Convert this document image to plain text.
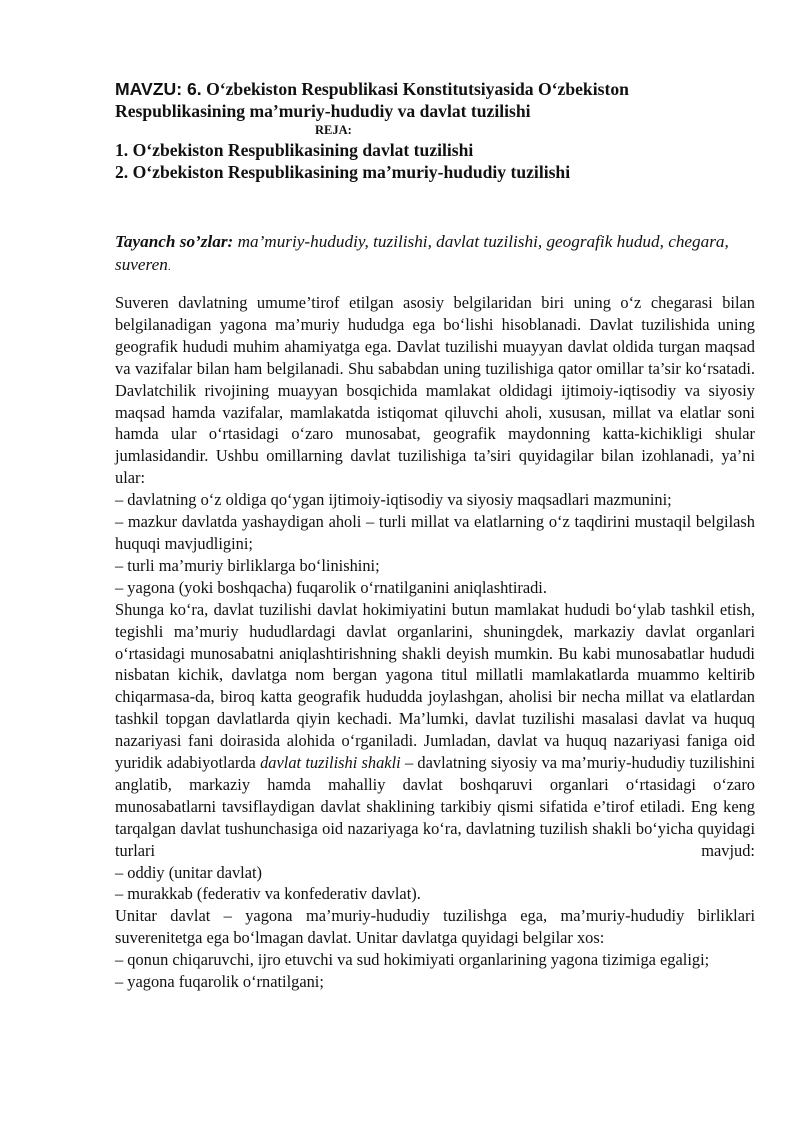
MAVZU: 6. O‘zbekiston Respublikasi Konstitutsiyasida O‘zbekiston Respublikasining ma’muriy-hududiy va davlat tuzilishi
REJA:
1. O‘zbekiston Respublikasining davlat tuzilishi
2. O‘zbekiston Respublikasining ma’muriy-hududiy tuzilishi
Tayanch so’zlar: ma’muriy-hududiy, tuzilishi, davlat tuzilishi, geografik hudud, chegara, suveren.

Suveren davlatning umume’tirof etilgan asosiy belgilaridan biri uning o‘z chegarasi bilan belgilanadigan yagona ma’muriy hududga ega bo‘lishi hisoblanadi. Davlat tuzilishida uning geografik hududi muhim ahamiyatga ega. Davlat tuzilishi muayyan davlat oldida turgan maqsad va vazifalar bilan ham belgilanadi. Shu sababdan uning tuzilishiga qator omillar ta’sir ko‘rsatadi. Davlatchilik rivojining muayyan bosqichida mamlakat oldidagi ijtimoiy-iqtisodiy va siyosiy maqsad hamda vazifalar, mamlakatda istiqomat qiluvchi aholi, xususan, millat va elatlar soni hamda ular o‘rtasidagi o‘zaro munosabat, geografik maydonning katta-kichikligi shular jumlasidandir. Ushbu omillarning davlat tuzilishiga ta’siri quyidagilar bilan izohlanadi, ya’ni ular:

– davlatning o‘z oldiga qo‘ygan ijtimoiy-iqtisodiy va siyosiy maqsadlari mazmunini;

– mazkur davlatda yashaydigan aholi – turli millat va elatlarning o‘z taqdirini mustaqil belgilash huquqi mavjudligini;

– turli ma’muriy birliklarga bo‘linishini;

– yagona (yoki boshqacha) fuqarolik o‘rnatilganini aniqlashtiradi.

Shunga ko‘ra, davlat tuzilishi davlat hokimiyatini butun mamlakat hududi bo‘ylab tashkil etish, tegishli ma’muriy hududlardagi davlat organlarini, shuningdek, markaziy davlat organlari o‘rtasidagi munosabatni aniqlashtirishning shakli deyish mumkin. Bu kabi munosabatlar hududi nisbatan kichik, davlatga nom bergan yagona titul millatli mamlakatlarda muammo keltirib chiqarmasa-da, biroq katta geografik hududda joylashgan, aholisi bir necha millat va elatlardan tashkil topgan davlatlarda qiyin kechadi. Ma’lumki, davlat tuzilishi masalasi davlat va huquq nazariyasi fani doirasida alohida o‘rganiladi. Jumladan, davlat va huquq nazariyasi faniga oid yuridik adabiyotlarda davlat tuzilishi shakli – davlatning siyosiy va ma’muriy-hududiy tuzilishini anglatib, markaziy hamda mahalliy davlat boshqaruvi organlari o‘rtasidagi o‘zaro munosabatlarni tavsiflaydigan davlat shaklining tarkibiy qismi sifatida e’tirof etiladi. Eng keng tarqalgan davlat tushunchasiga oid nazariyaga ko‘ra, davlatning tuzilish shakli bo‘yicha quyidagi turlari mavjud:

– oddiy (unitar davlat)

– murakkab (federativ va konfederativ davlat).

Unitar davlat – yagona ma’muriy-hududiy tuzilishga ega, ma’muriy-hududiy birliklari suverenitetga ega bo‘lmagan davlat. Unitar davlatga quyidagi belgilar xos:

– qonun chiqaruvchi, ijro etuvchi va sud hokimiyati organlarining yagona tizimiga egaligi;

– yagona fuqarolik o‘rnatilgani;
